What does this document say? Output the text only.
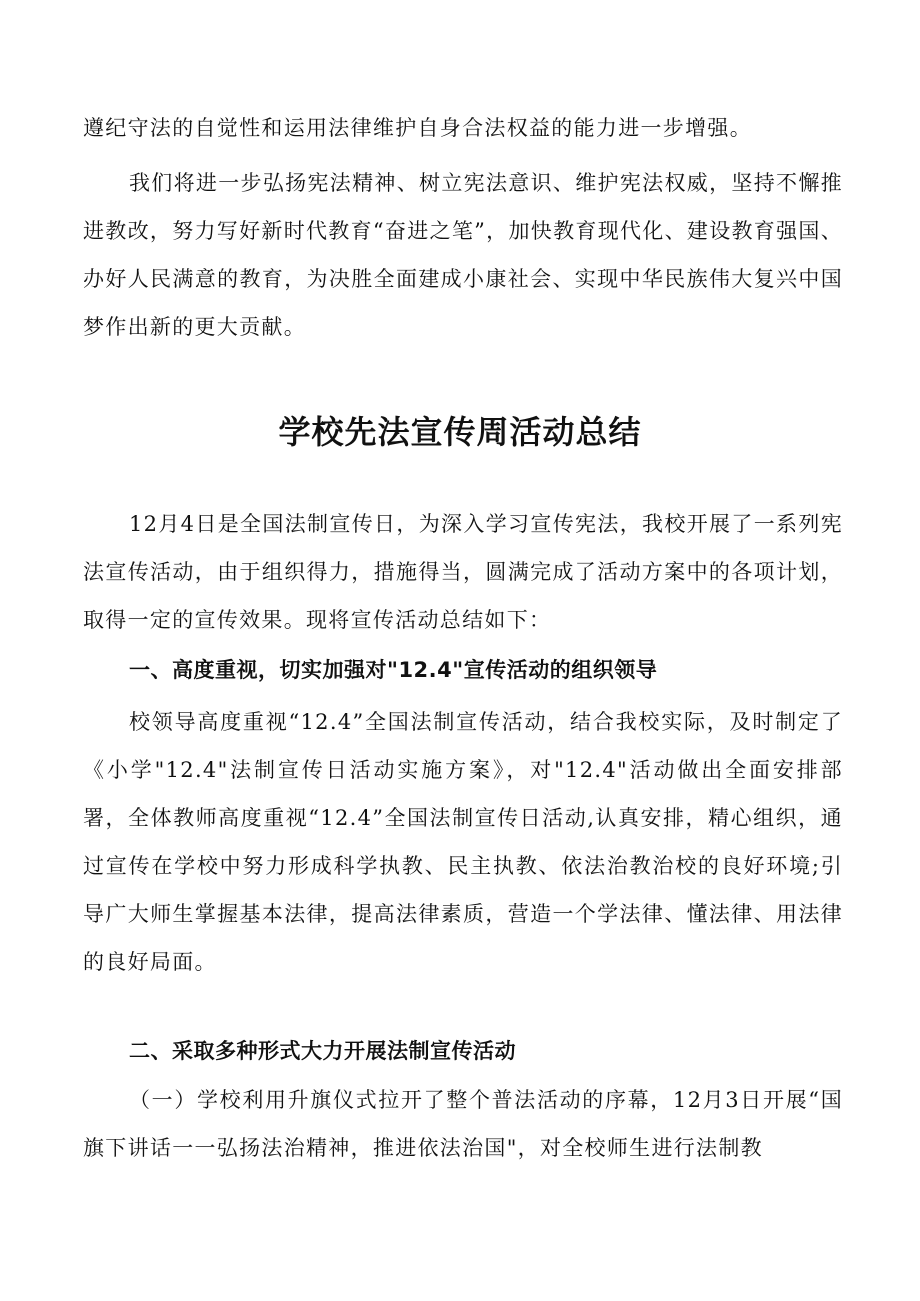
遵纪守法的自觉性和运用法律维护自身合法权益的能力进一步增强。

我们将进一步弘扬宪法精神、树立宪法意识、维护宪法权威，坚持不懈推进教改，努力写好新时代教育“奋进之笔”，加快教育现代化、建设教育强国、办好人民满意的教育，为决胜全面建成小康社会、实现中华民族伟大复兴中国梦作出新的更大贡献。

学校先法宣传周活动总结

12月4日是全国法制宣传日，为深入学习宣传宪法，我校开展了一系列宪法宣传活动，由于组织得力，措施得当，圆满完成了活动方案中的各项计划，取得一定的宣传效果。现将宣传活动总结如下：

一、高度重视，切实加强对"12.4"宣传活动的组织领导

校领导高度重视“12.4”全国法制宣传活动，结合我校实际，及时制定了《小学"12.4"法制宣传日活动实施方案》，对"12.4"活动做出全面安排部署，全体教师高度重视“12.4”全国法制宣传日活动,认真安排，精心组织，通过宣传在学校中努力形成科学执教、民主执教、依法治教治校的良好环境;引导广大师生掌握基本法律，提高法律素质，营造一个学法律、懂法律、用法律的良好局面。

二、采取多种形式大力开展法制宣传活动

（一）学校利用升旗仪式拉开了整个普法活动的序幕，12月3日开展“国旗下讲话一一弘扬法治精神，推进依法治国"，对全校师生进行法制教
